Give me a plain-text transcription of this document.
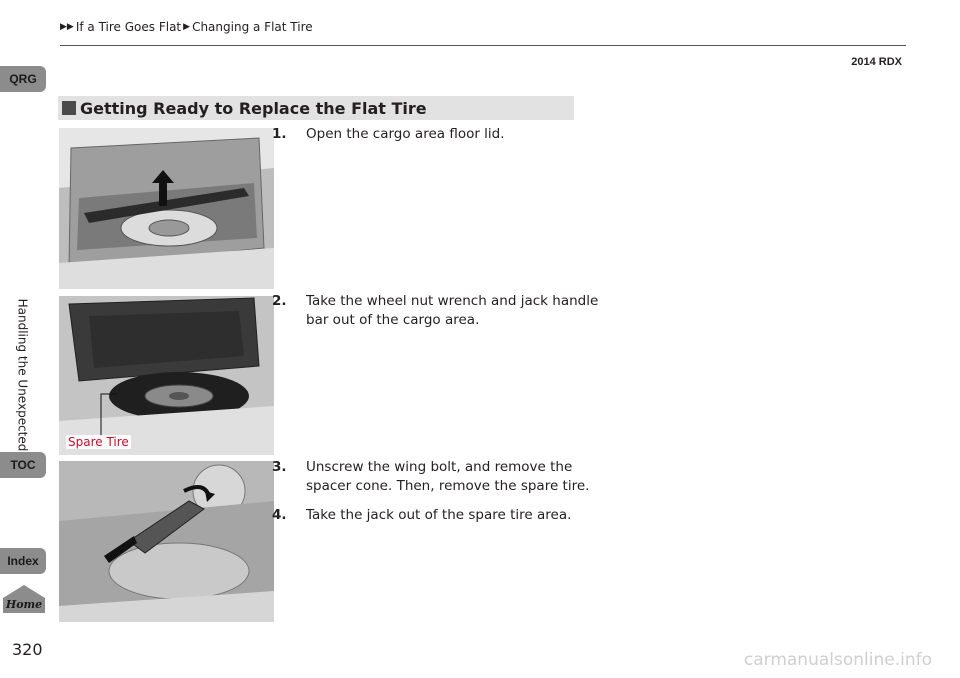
▶▶ If a Tire Goes Flat ▶ Changing a Flat Tire
2014 RDX
QRG
Handling the Unexpected
TOC
Index
Home
320
Getting Ready to Replace the Flat Tire
Spare Tire
1. Open the cargo area floor lid.
2. Take the wheel nut wrench and jack handle bar out of the cargo area.
3. Unscrew the wing bolt, and remove the spacer cone. Then, remove the spare tire.
4. Take the jack out of the spare tire area.
carmanualsonline.info
